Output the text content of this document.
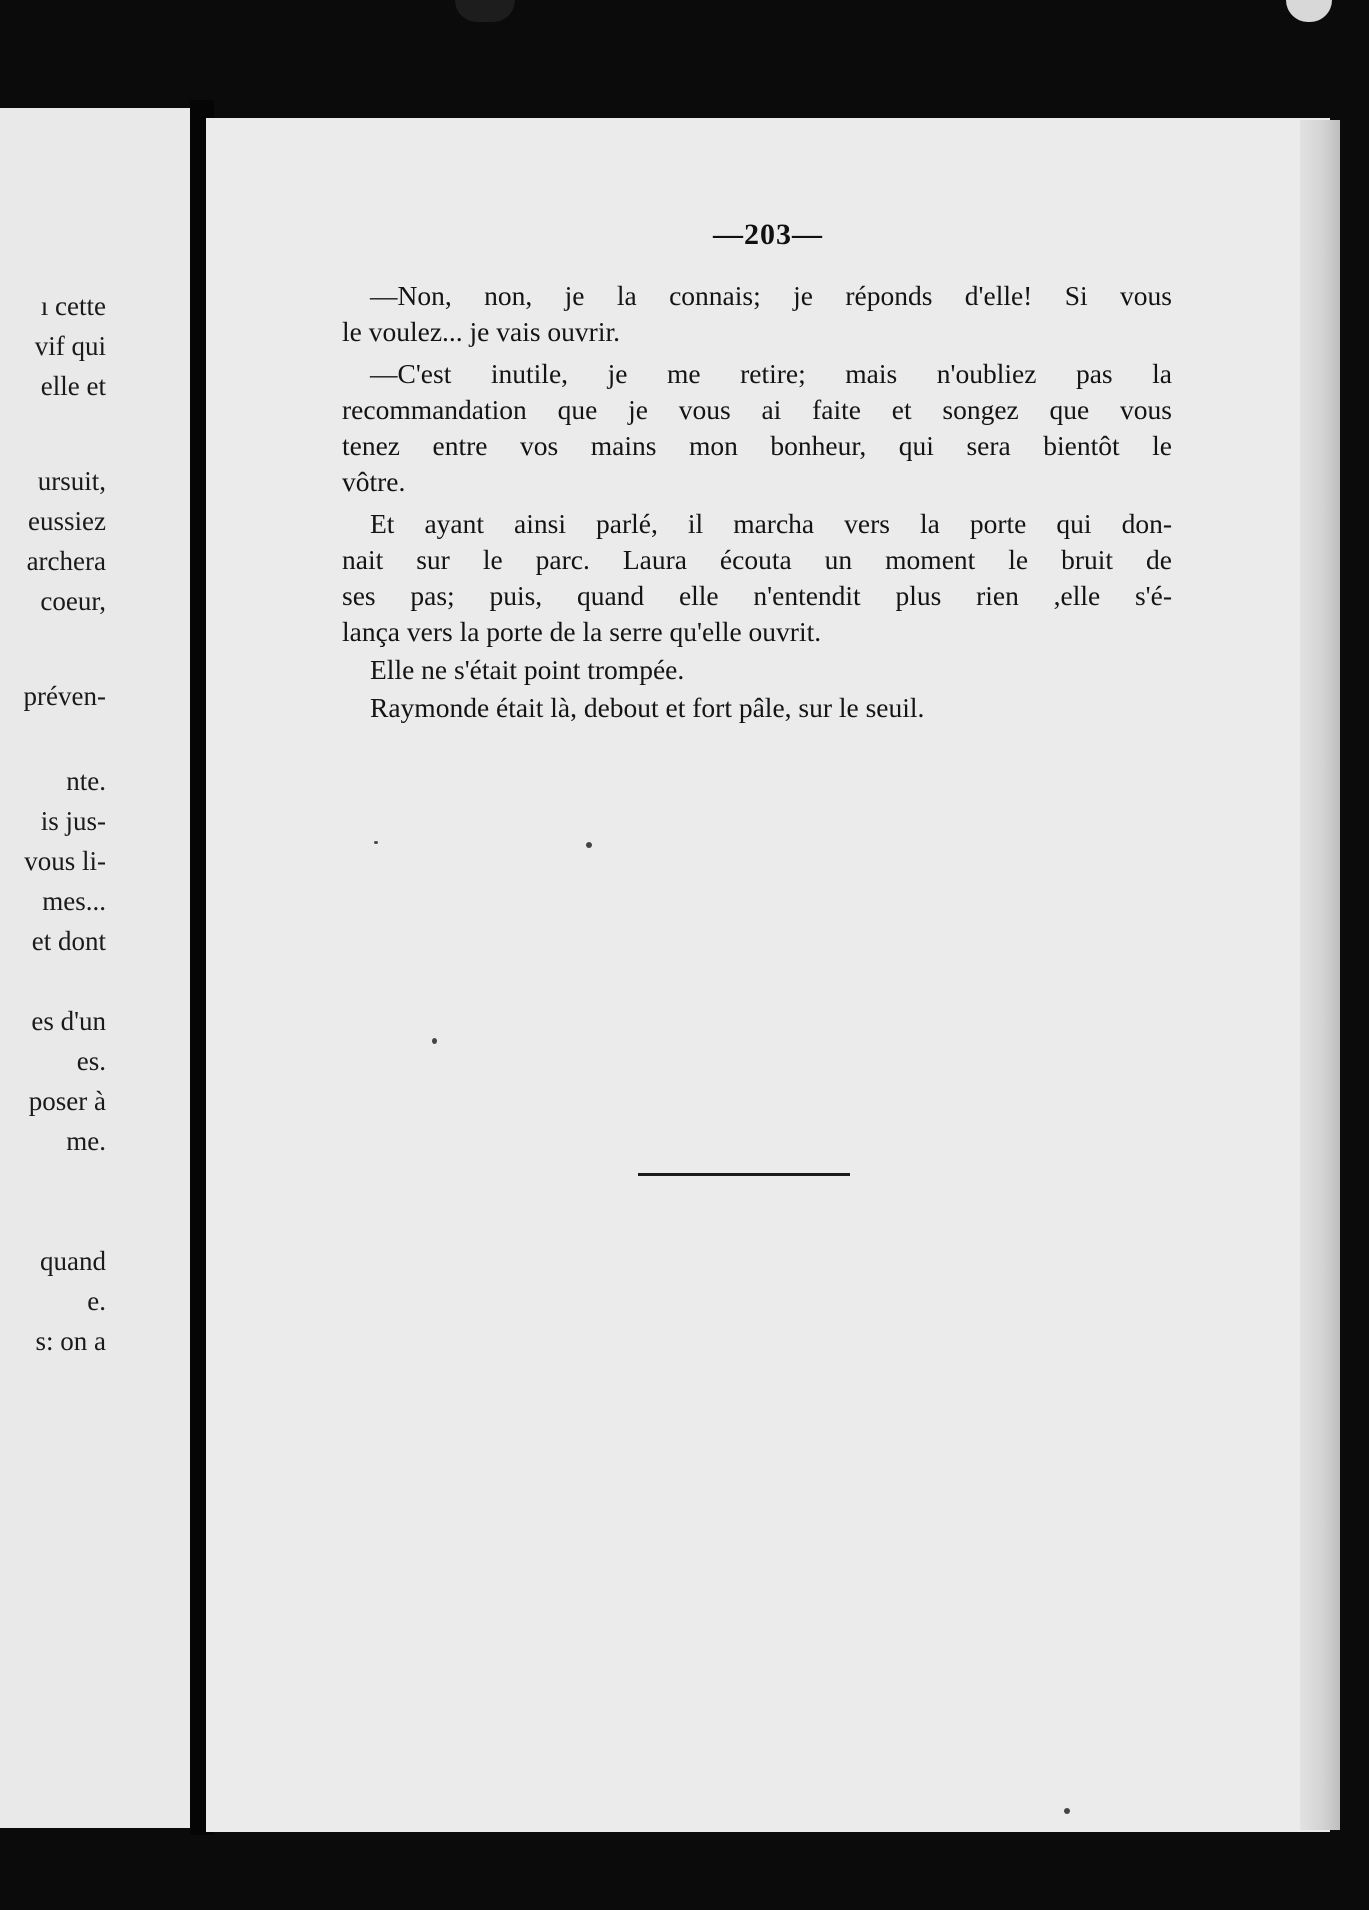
ı cette
vif qui
elle et
ursuit,
eussiez
archera
coeur,
préven-
nte.
is jus-
vous li-
mes...
et dont
es d'un
es.
poser à
me.
quand
e.
s: on a
—203—
—Non, non, je la connais; je réponds d'elle! Si vous
le voulez... je vais ouvrir.
—C'est inutile, je me retire; mais n'oubliez pas la
recommandation que je vous ai faite et songez que vous
tenez entre vos mains mon bonheur, qui sera bientôt le
vôtre.
Et ayant ainsi parlé, il marcha vers la porte qui don-
nait sur le parc. Laura écouta un moment le bruit de
ses pas; puis, quand elle n'entendit plus rien ,elle s'é-
lança vers la porte de la serre qu'elle ouvrit.
Elle ne s'était point trompée.
Raymonde était là, debout et fort pâle, sur le seuil.
